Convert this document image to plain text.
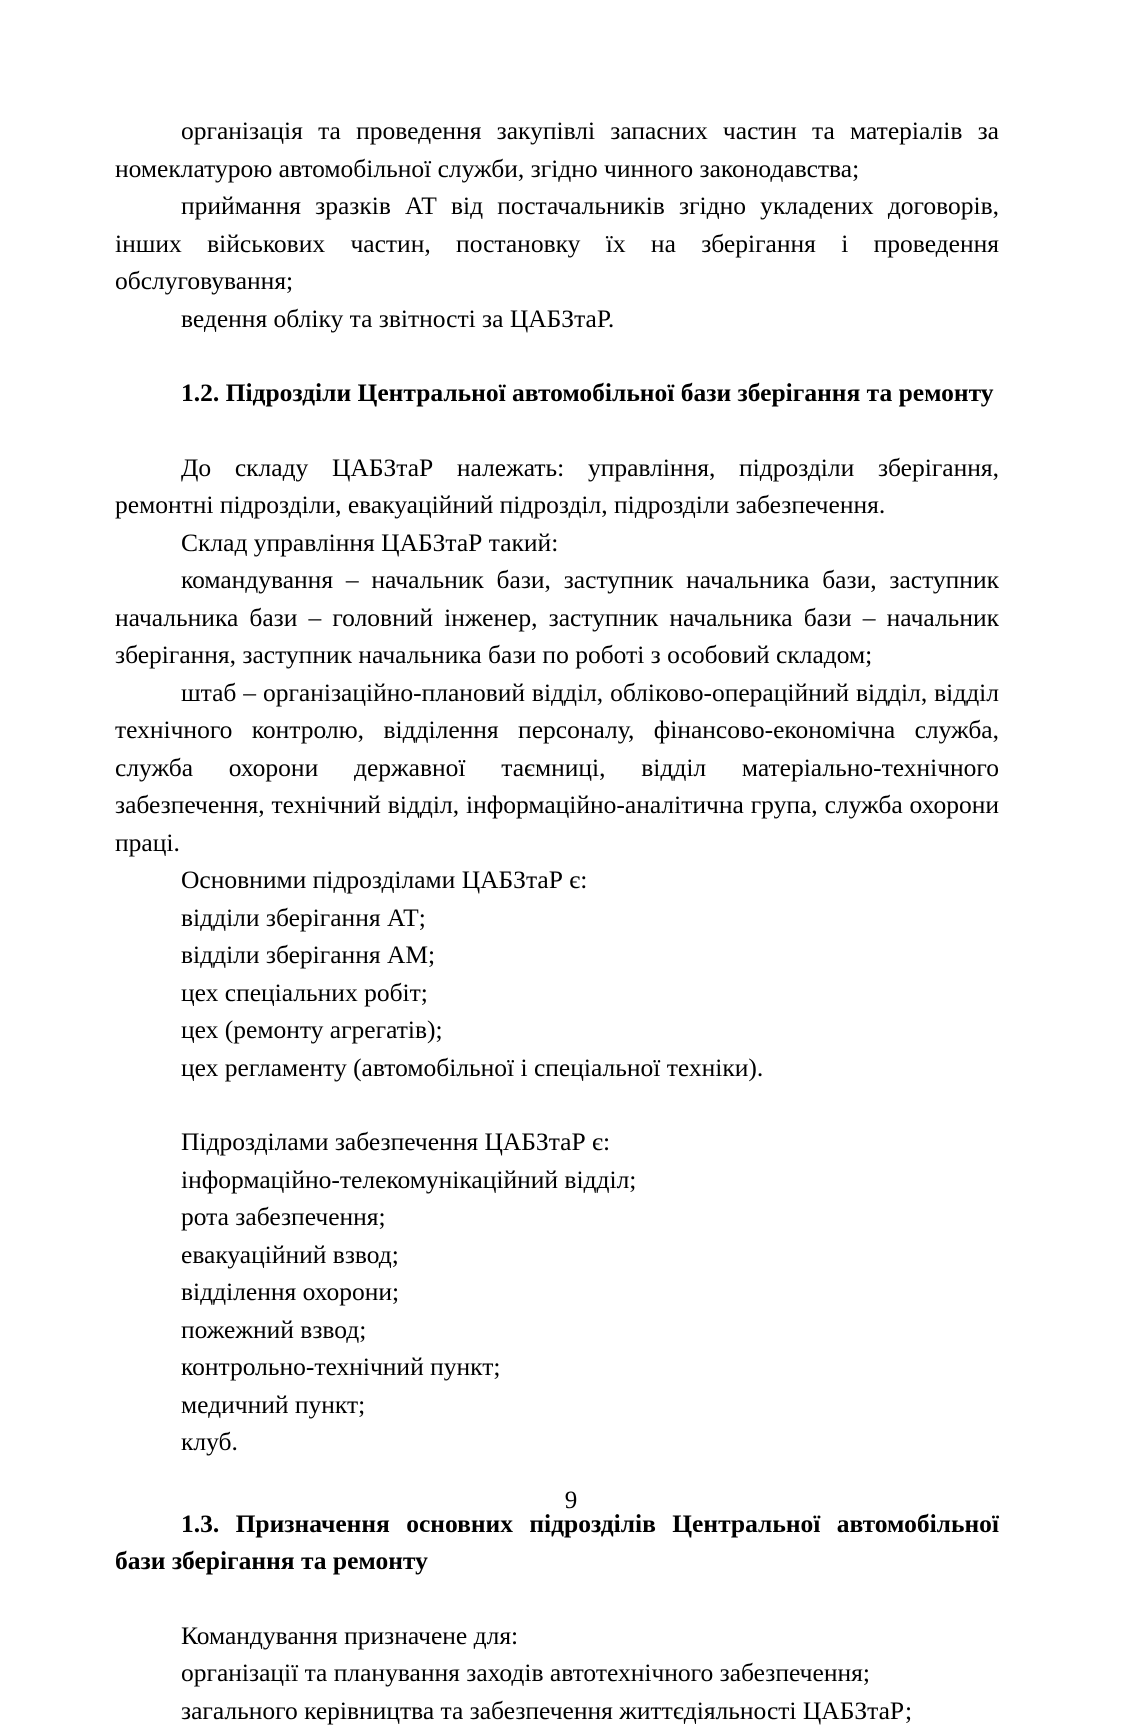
організація та проведення закупівлі запасних частин та матеріалів за номеклатурою автомобільної служби, згідно чинного законодавства;

приймання зразків АТ від постачальників згідно укладених договорів, інших військових частин, постановку їх на зберігання і проведення обслуговування;

ведення обліку та звітності за ЦАБЗтаР.

1.2. Підрозділи Центральної автомобільної бази зберігання та ремонту

До складу ЦАБЗтаР належать: управління, підрозділи зберігання, ремонтні підрозділи, евакуаційний підрозділ, підрозділи забезпечення.

Склад управління ЦАБЗтаР такий:

командування – начальник бази, заступник начальника бази, заступник начальника бази – головний інженер, заступник начальника бази – начальник зберігання, заступник начальника бази по роботі з особовий складом;

штаб – організаційно-плановий відділ, обліково-операційний відділ, відділ технічного контролю, відділення персоналу, фінансово-економічна служба, служба охорони державної таємниці, відділ матеріально-технічного забезпечення, технічний відділ, інформаційно-аналітична група, служба охорони праці.

Основними підрозділами ЦАБЗтаР є:

відділи зберігання АТ;

відділи зберігання АМ;

цех спеціальних робіт;

цех (ремонту агрегатів);

цех регламенту (автомобільної і спеціальної техніки).

Підрозділами забезпечення ЦАБЗтаР є:

інформаційно-телекомунікаційний відділ;

рота забезпечення;

евакуаційний взвод;

відділення охорони;

пожежний взвод;

контрольно-технічний пункт;

медичний пункт;

клуб.

1.3. Призначення основних підрозділів Центральної автомобільної бази зберігання та ремонту

Командування призначене для:

організації та планування заходів автотехнічного забезпечення;

загального керівництва та забезпечення життєдіяльності ЦАБЗтаР;

9
